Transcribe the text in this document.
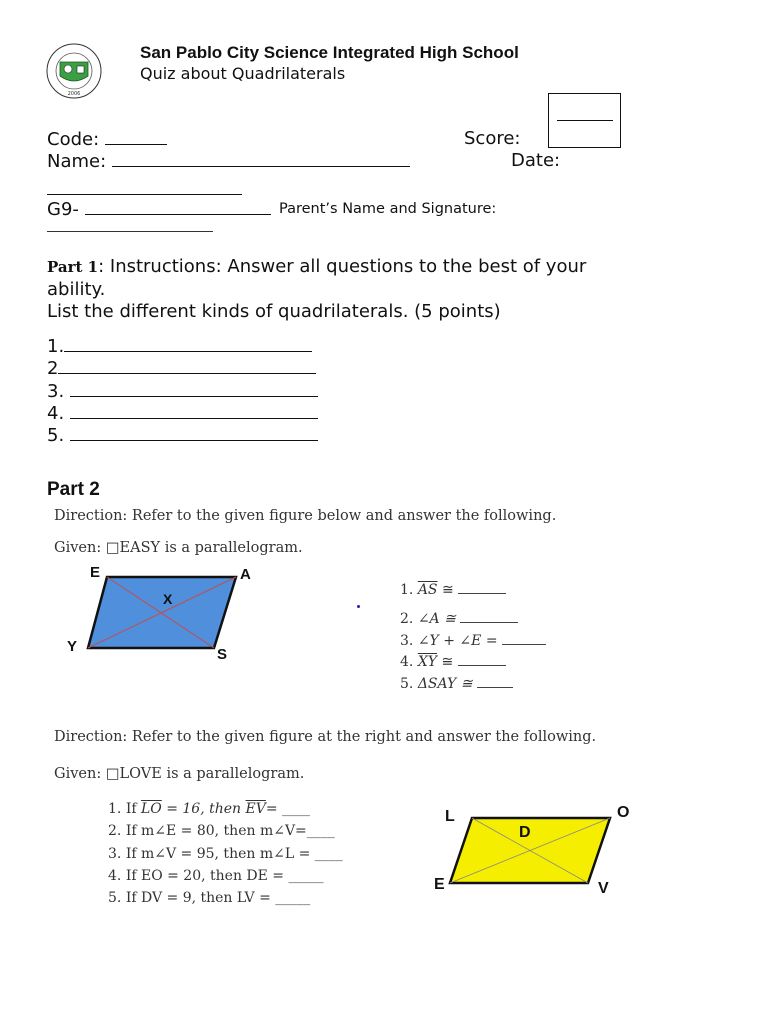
2006
San Pablo City Science Integrated High School
Quiz about Quadrilaterals
Code:	Score:
Name:	Date:
G9-	Parent’s Name and Signature:
Part 1: Instructions: Answer all questions to the best of your
ability.
List the different kinds of quadrilaterals. (5 points)
1.
2
3.
4.
5.
Part 2
Direction: Refer to the given figure below and answer the following.
Given: □EASY is a parallelogram.
E	A
Y	S
X
1. $\overline{AS}$ ≅
2. ∠A ≅
3. ∠Y + ∠E =
4. $\overline{XY}$ ≅
5. ΔSAY ≅
Direction: Refer to the given figure at the right and answer the following.
Given: □LOVE is a parallelogram.
1. If $\overline{LO} = 16$, then $\overline{EV}=$ ____
2. If m∠E = 80, then m∠V=____
3. If m∠V = 95, then m∠L = ____
4. If EO = 20, then DE = _____
5. If DV = 9, then LV = _____
L	O
E	V
D
